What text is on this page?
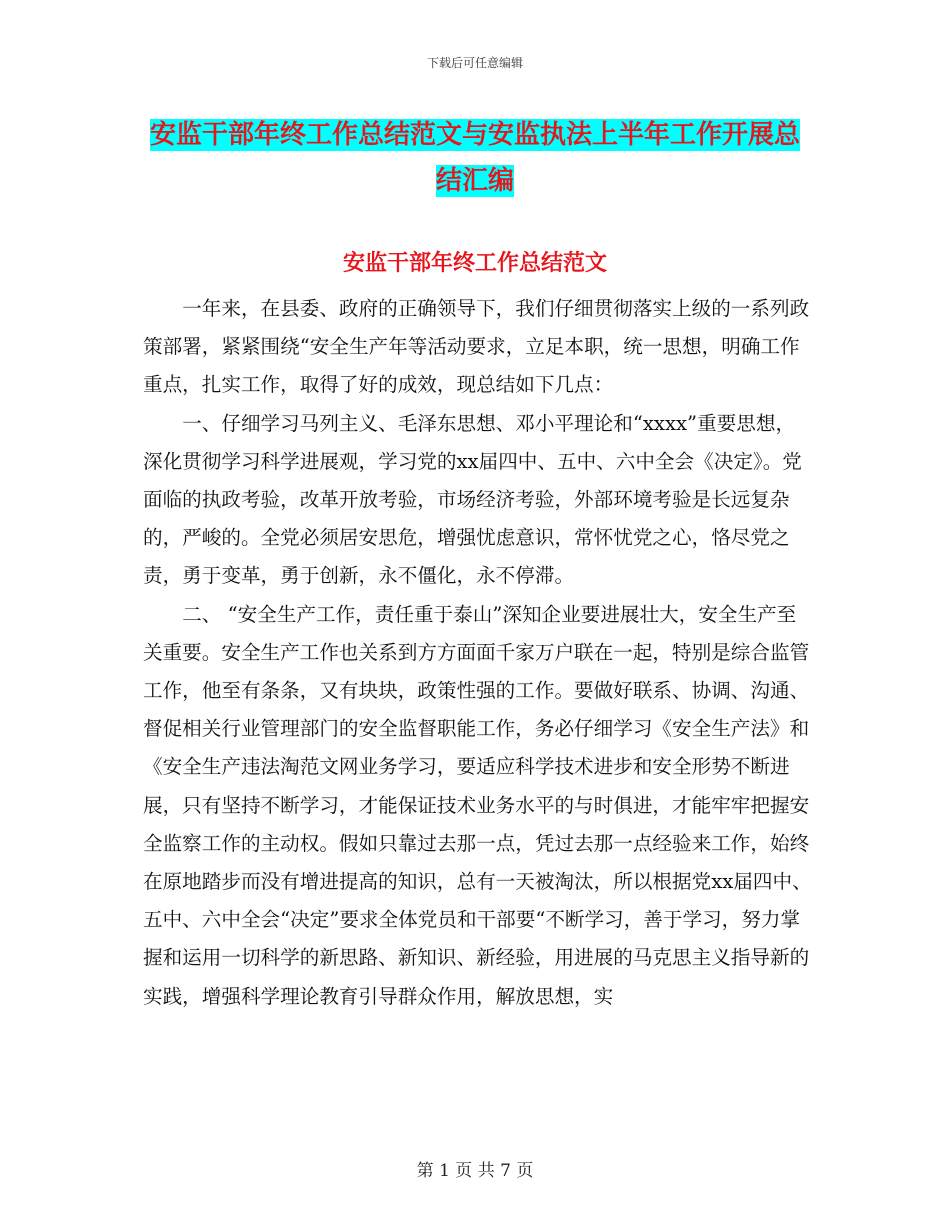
下载后可任意编辑
安监干部年终工作总结范文与安监执法上半年工作开展总结汇编
安监干部年终工作总结范文

一年来，在县委、政府的正确领导下，我们仔细贯彻落实上级的一系列政策部署，紧紧围绕“安全生产年等活动要求，立足本职，统一思想，明确工作重点，扎实工作，取得了好的成效，现总结如下几点：

一、仔细学习马列主义、毛泽东思想、邓小平理论和“xxxx”重要思想，深化贯彻学习科学进展观，学习党的xx届四中、五中、六中全会《决定》。党面临的执政考验，改革开放考验，市场经济考验，外部环境考验是长远复杂的，严峻的。全党必须居安思危，增强忧虑意识，常怀忧党之心，恪尽党之责，勇于变革，勇于创新，永不僵化，永不停滞。

二、 “安全生产工作，责任重于泰山”深知企业要进展壮大，安全生产至关重要。安全生产工作也关系到方方面面千家万户联在一起，特别是综合监管工作，他至有条条，又有块块，政策性强的工作。要做好联系、协调、沟通、督促相关行业管理部门的安全监督职能工作，务必仔细学习《安全生产法》和《安全生产违法淘范文网业务学习，要适应科学技术进步和安全形势不断进展，只有坚持不断学习，才能保证技术业务水平的与时俱进，才能牢牢把握安全监察工作的主动权。假如只靠过去那一点，凭过去那一点经验来工作，始终在原地踏步而没有增进提高的知识，总有一天被淘汰，所以根据党xx届四中、五中、六中全会“决定”要求全体党员和干部要“不断学习，善于学习，努力掌握和运用一切科学的新思路、新知识、新经验，用进展的马克思主义指导新的实践，增强科学理论教育引导群众作用，解放思想，实

第 1 页 共 7 页
